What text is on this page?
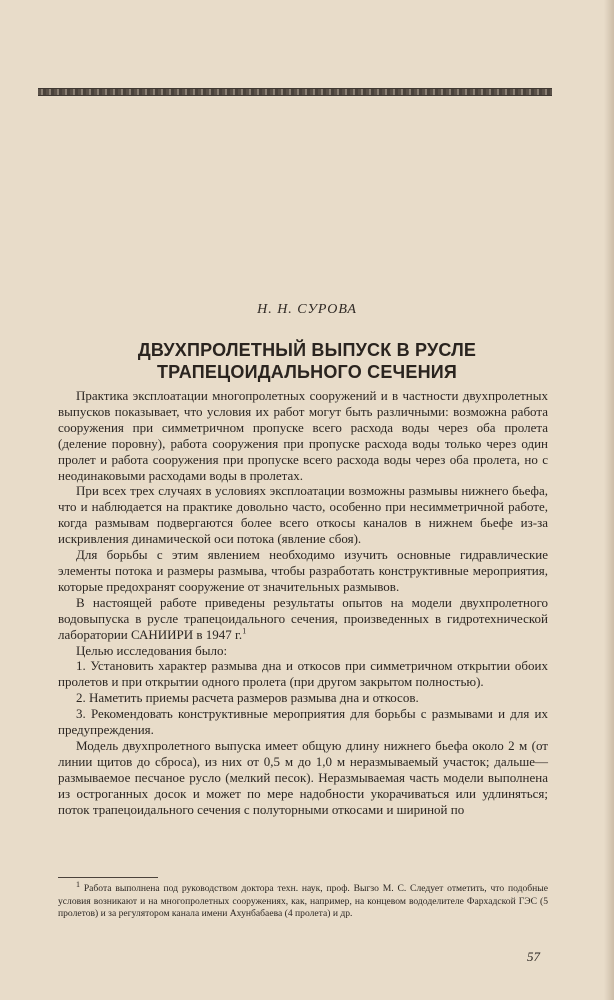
Н. Н. СУРОВА
ДВУХПРОЛЕТНЫЙ ВЫПУСК В РУСЛЕ
ТРАПЕЦОИДАЛЬНОГО СЕЧЕНИЯ

Практика эксплоатации многопролетных сооружений и в частности двухпролетных выпусков показывает, что условия их работ могут быть различными: возможна работа сооружения при симметричном пропуске всего расхода воды через оба пролета (деление поровну), работа сооружения при пропуске расхода воды только через один пролет и работа сооружения при пропуске всего расхода воды через оба пролета, но с неодинаковыми расходами воды в пролетах.

При всех трех случаях в условиях эксплоатации возможны размывы нижнего бьефа, что и наблюдается на практике довольно часто, особенно при несимметричной работе, когда размывам подвергаются более всего откосы каналов в нижнем бьефе из-за искривления динамической оси потока (явление сбоя).

Для борьбы с этим явлением необходимо изучить основные гидравлические элементы потока и размеры размыва, чтобы разработать конструктивные мероприятия, которые предохранят сооружение от значительных размывов.

В настоящей работе приведены результаты опытов на модели двухпролетного водовыпуска в русле трапецоидального сечения, произведенных в гидротехнической лаборатории САНИИРИ в 1947 г.$^1$

Целью исследования было:

1. Установить характер размыва дна и откосов при симметричном открытии обоих пролетов и при открытии одного пролета (при другом закрытом полностью).

2. Наметить приемы расчета размеров размыва дна и откосов.

3. Рекомендовать конструктивные мероприятия для борьбы с размывами и для их предупреждения.

Модель двухпролетного выпуска имеет общую длину нижнего бьефа около 2 м (от линии щитов до сброса), из них от 0,5 м до 1,0 м неразмываемый участок; дальше—размываемое песчаное русло (мелкий песок). Неразмываемая часть модели выполнена из остроганных досок и может по мере надобности укорачиваться или удлиняться; поток трапецоидального сечения с полуторными откосами и шириной по

$^1$ Работа выполнена под руководством доктора техн. наук, проф. Выгзо М. С. Следует отметить, что подобные условия возникают и на многопролетных сооружениях, как, например, на концевом вододелителе Фархадской ГЭС (5 пролетов) и за регулятором канала имени Ахунбабаева (4 пролета) и др.

57
